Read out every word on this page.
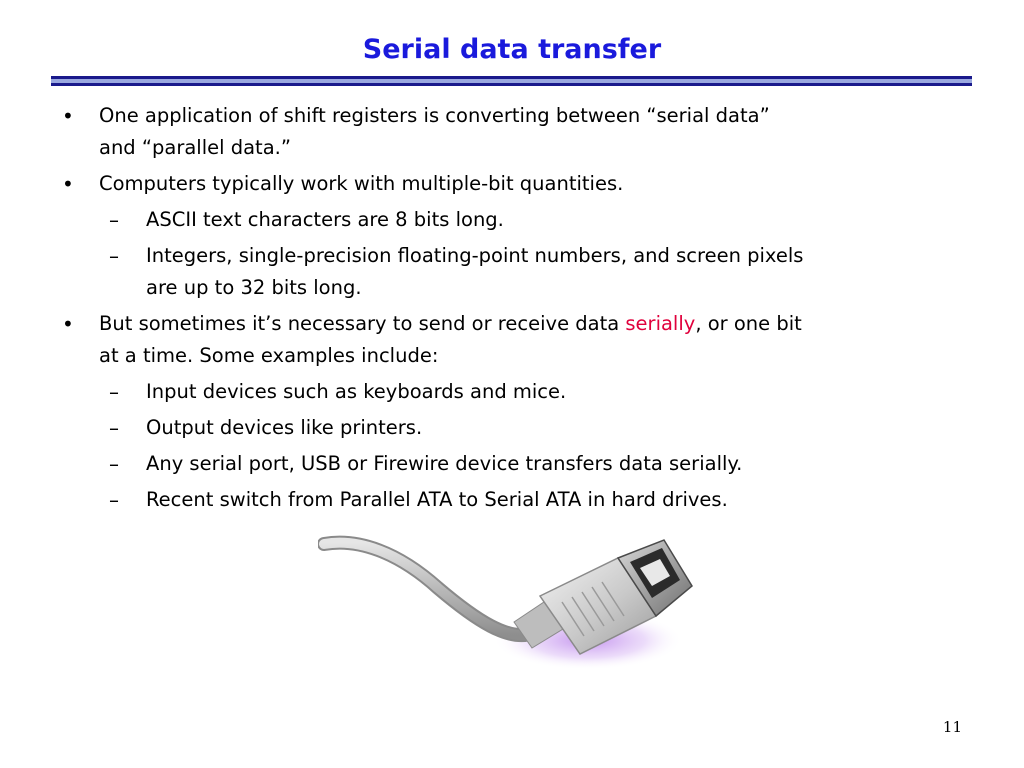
Serial data transfer
• One application of shift registers is converting between “serial data”
and “parallel data.”
• Computers typically work with multiple-bit quantities.
– ASCII text characters are 8 bits long.
– Integers, single-precision floating-point numbers, and screen pixels
are up to 32 bits long.
• But sometimes it’s necessary to send or receive data serially, or one bit
at a time. Some examples include:
– Input devices such as keyboards and mice.
– Output devices like printers.
– Any serial port, USB or Firewire device transfers data serially.
– Recent switch from Parallel ATA to Serial ATA in hard drives.
11
